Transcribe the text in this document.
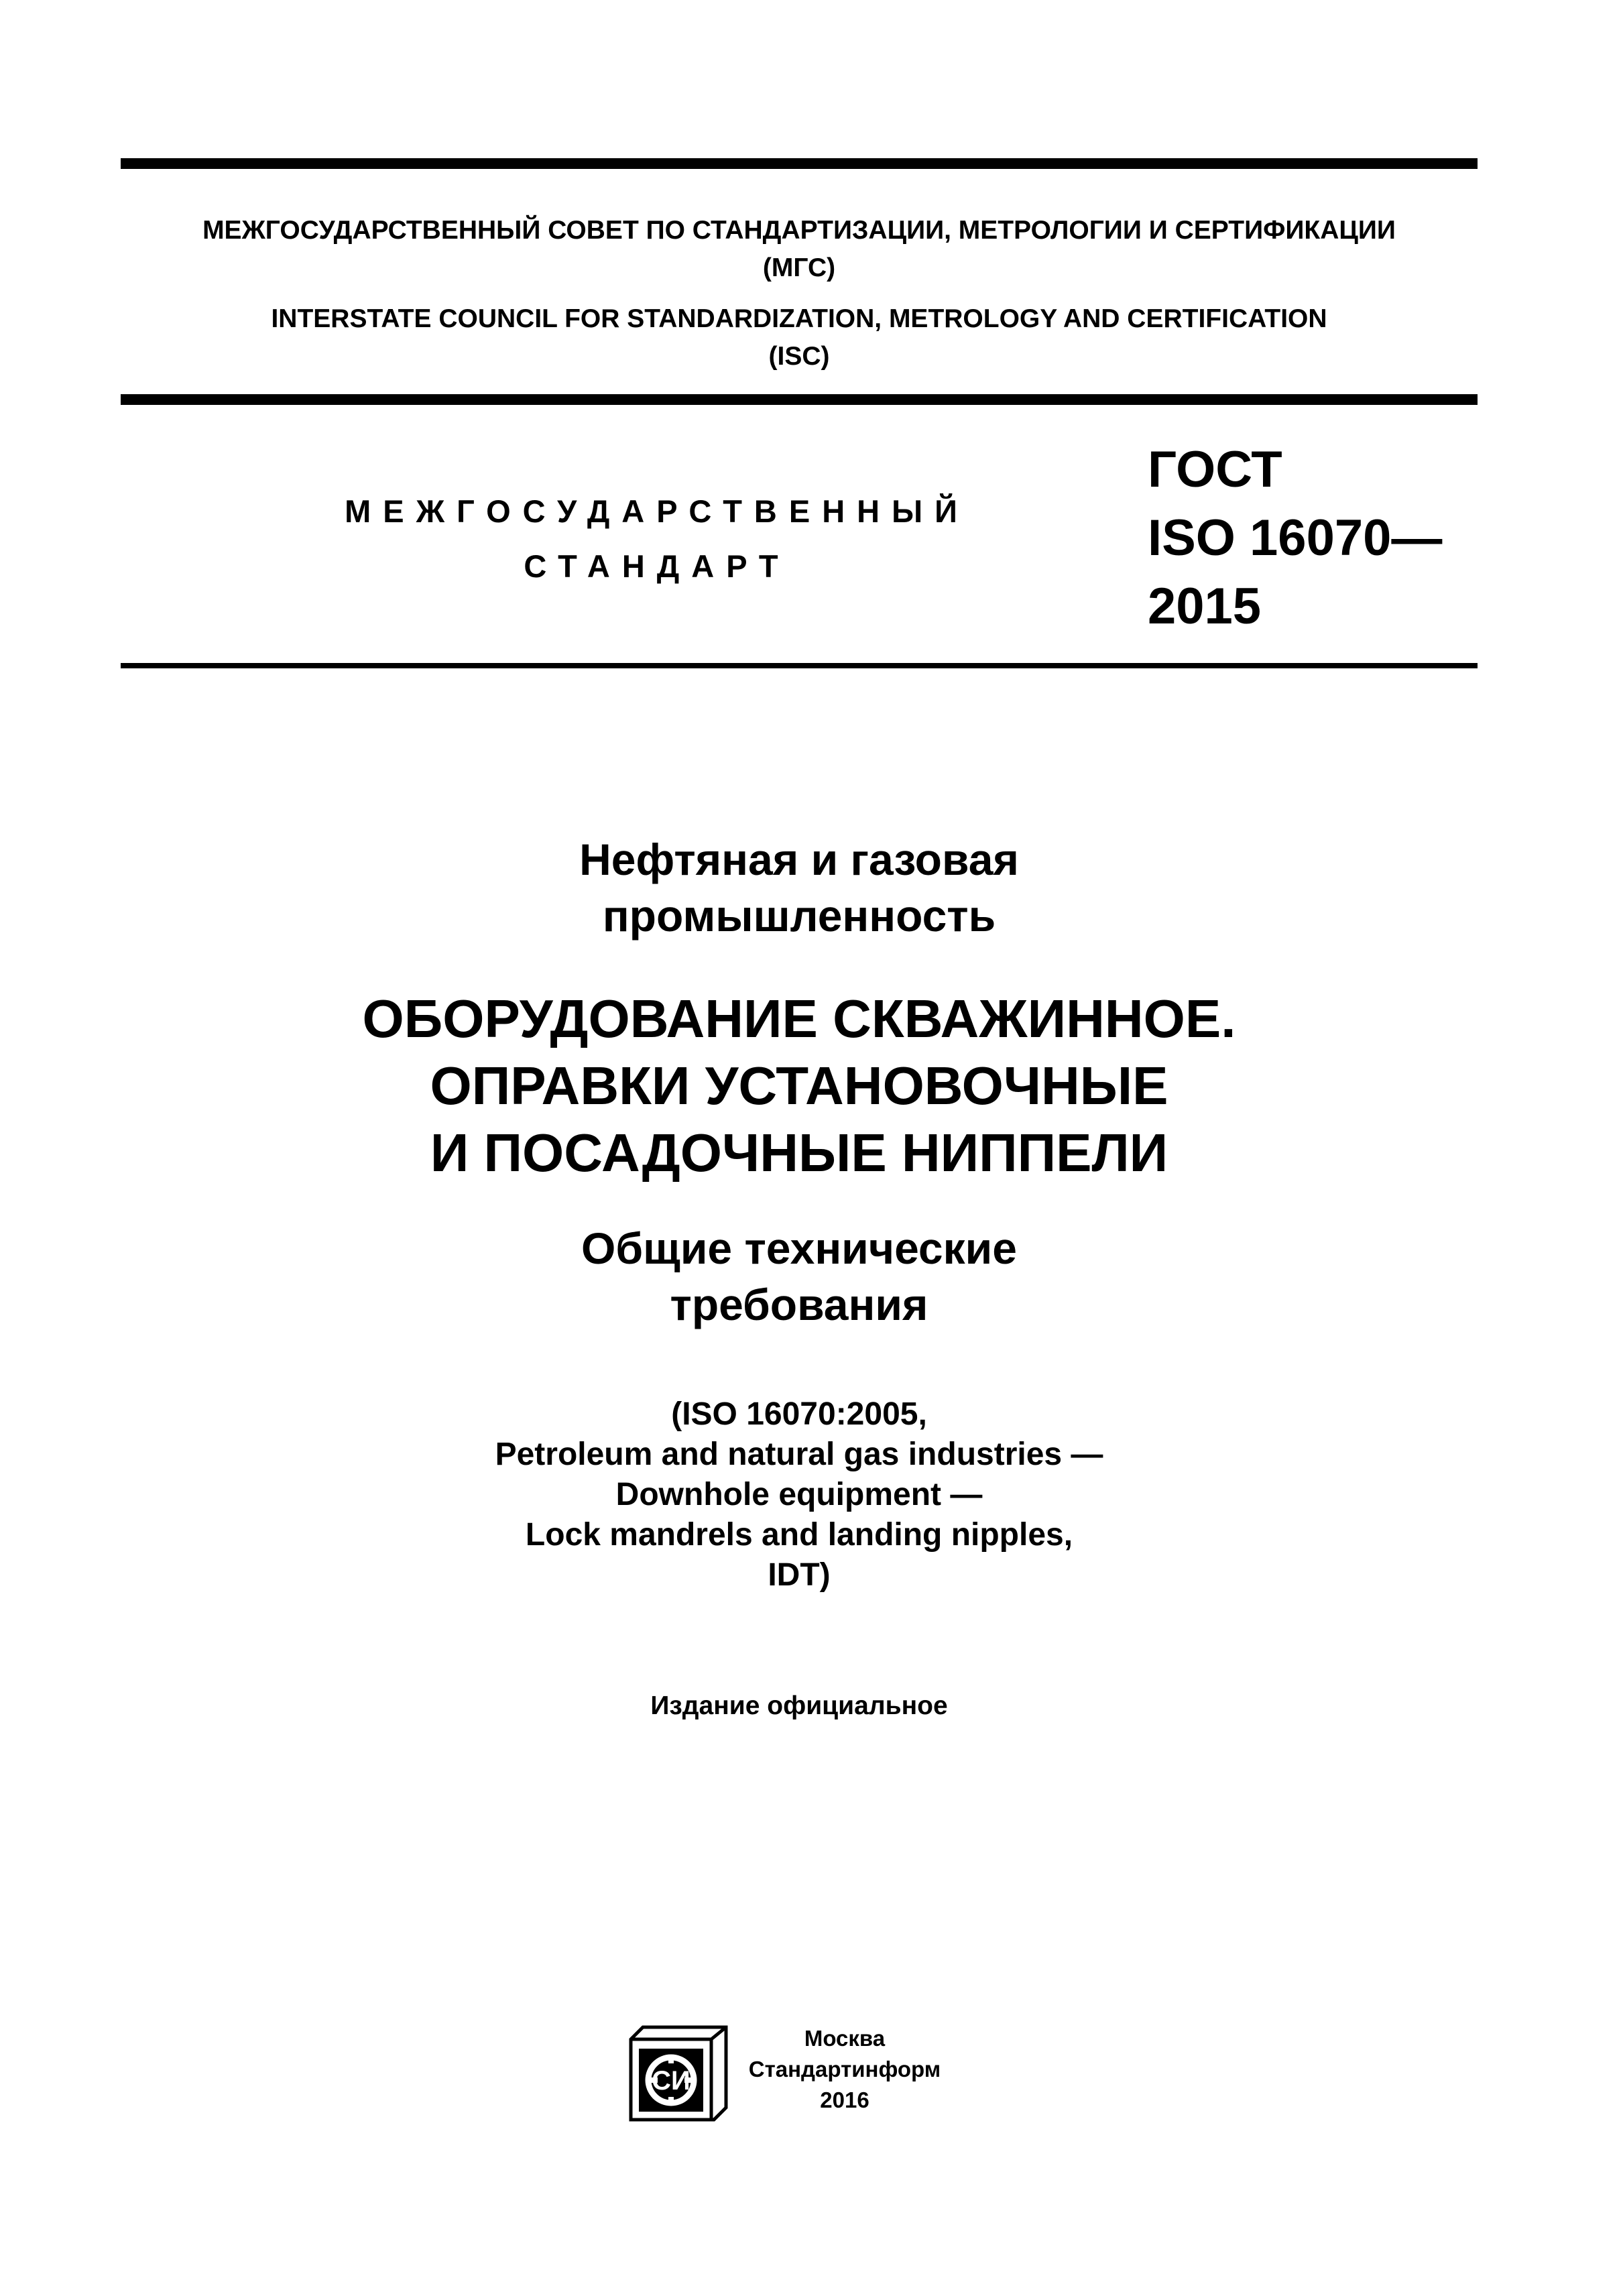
МЕЖГОСУДАРСТВЕННЫЙ СОВЕТ ПО СТАНДАРТИЗАЦИИ, МЕТРОЛОГИИ И СЕРТИФИКАЦИИ
(МГС)
INTERSTATE COUNCIL FOR STANDARDIZATION, METROLOGY AND CERTIFICATION
(ISC)
МЕЖГОСУДАРСТВЕННЫЙ
СТАНДАРТ
ГОСТ
ISO 16070—
2015
Нефтяная и газовая
промышленность
ОБОРУДОВАНИЕ СКВАЖИННОЕ.
ОПРАВКИ УСТАНОВОЧНЫЕ
И ПОСАДОЧНЫЕ НИППЕЛИ
Общие технические
требования
(ISO 16070:2005,
Petroleum and natural gas industries —
Downhole equipment —
Lock mandrels and landing nipples,
IDT)
Издание официальное
СИ
Москва
Стандартинформ
2016
